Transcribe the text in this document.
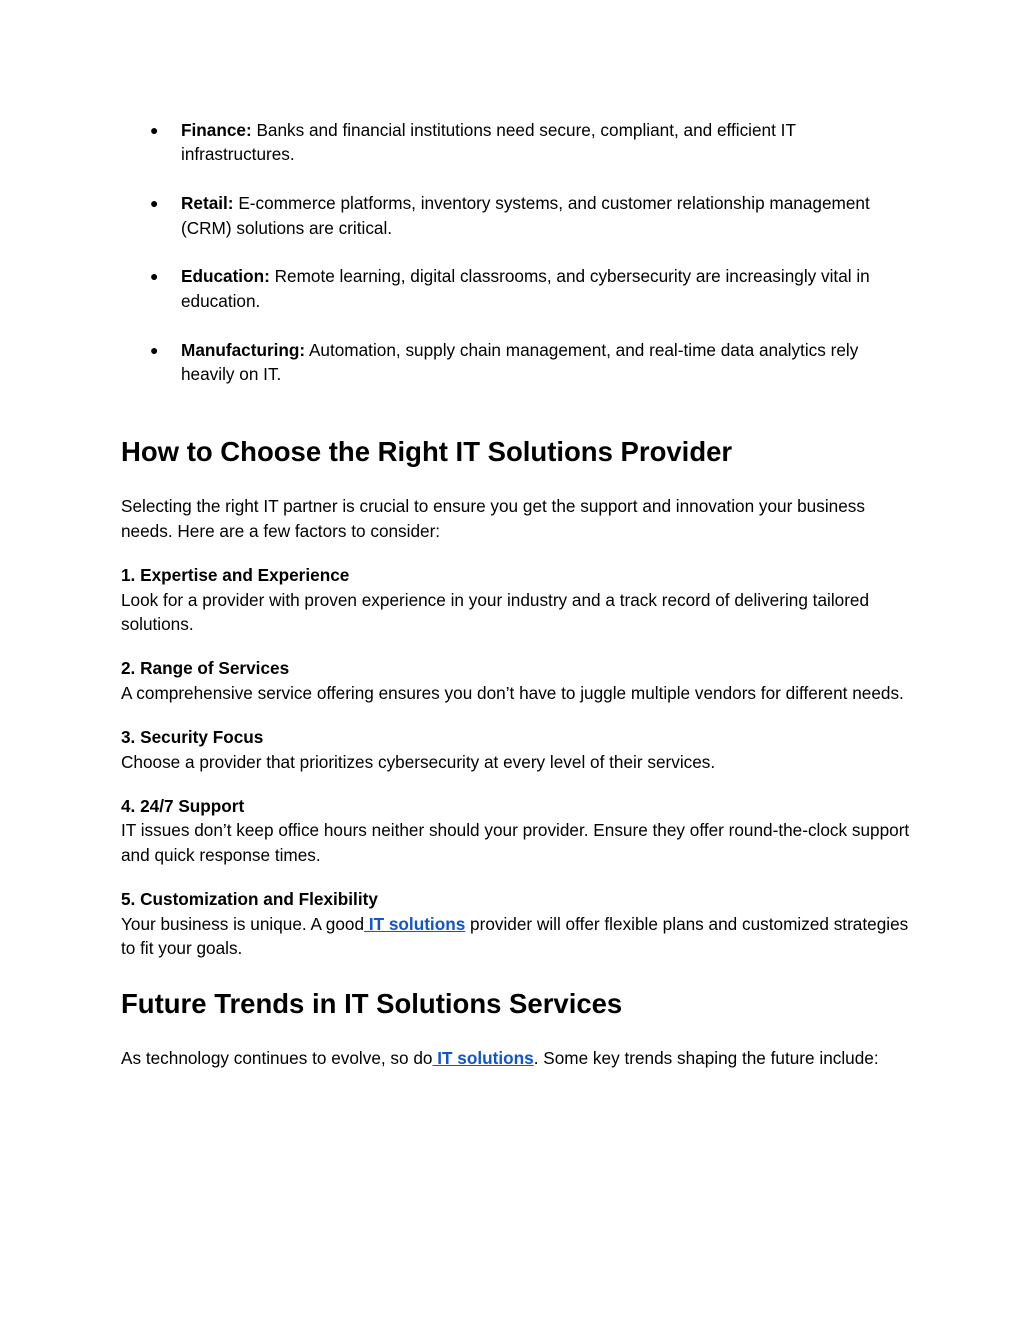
● Finance: Banks and financial institutions need secure, compliant, and efficient IT infrastructures.
● Retail: E-commerce platforms, inventory systems, and customer relationship management (CRM) solutions are critical.
● Education: Remote learning, digital classrooms, and cybersecurity are increasingly vital in education.
● Manufacturing: Automation, supply chain management, and real-time data analytics rely heavily on IT.
How to Choose the Right IT Solutions Provider

Selecting the right IT partner is crucial to ensure you get the support and innovation your business needs. Here are a few factors to consider:

1. Expertise and Experience
Look for a provider with proven experience in your industry and a track record of delivering tailored solutions.
2. Range of Services
A comprehensive service offering ensures you don’t have to juggle multiple vendors for different needs.
3. Security Focus
Choose a provider that prioritizes cybersecurity at every level of their services.
4. 24/7 Support
IT issues don’t keep office hours neither should your provider. Ensure they offer round-the-clock support and quick response times.
5. Customization and Flexibility
Your business is unique. A good IT solutions provider will offer flexible plans and customized strategies to fit your goals.
Future Trends in IT Solutions Services

As technology continues to evolve, so do IT solutions. Some key trends shaping the future include:
